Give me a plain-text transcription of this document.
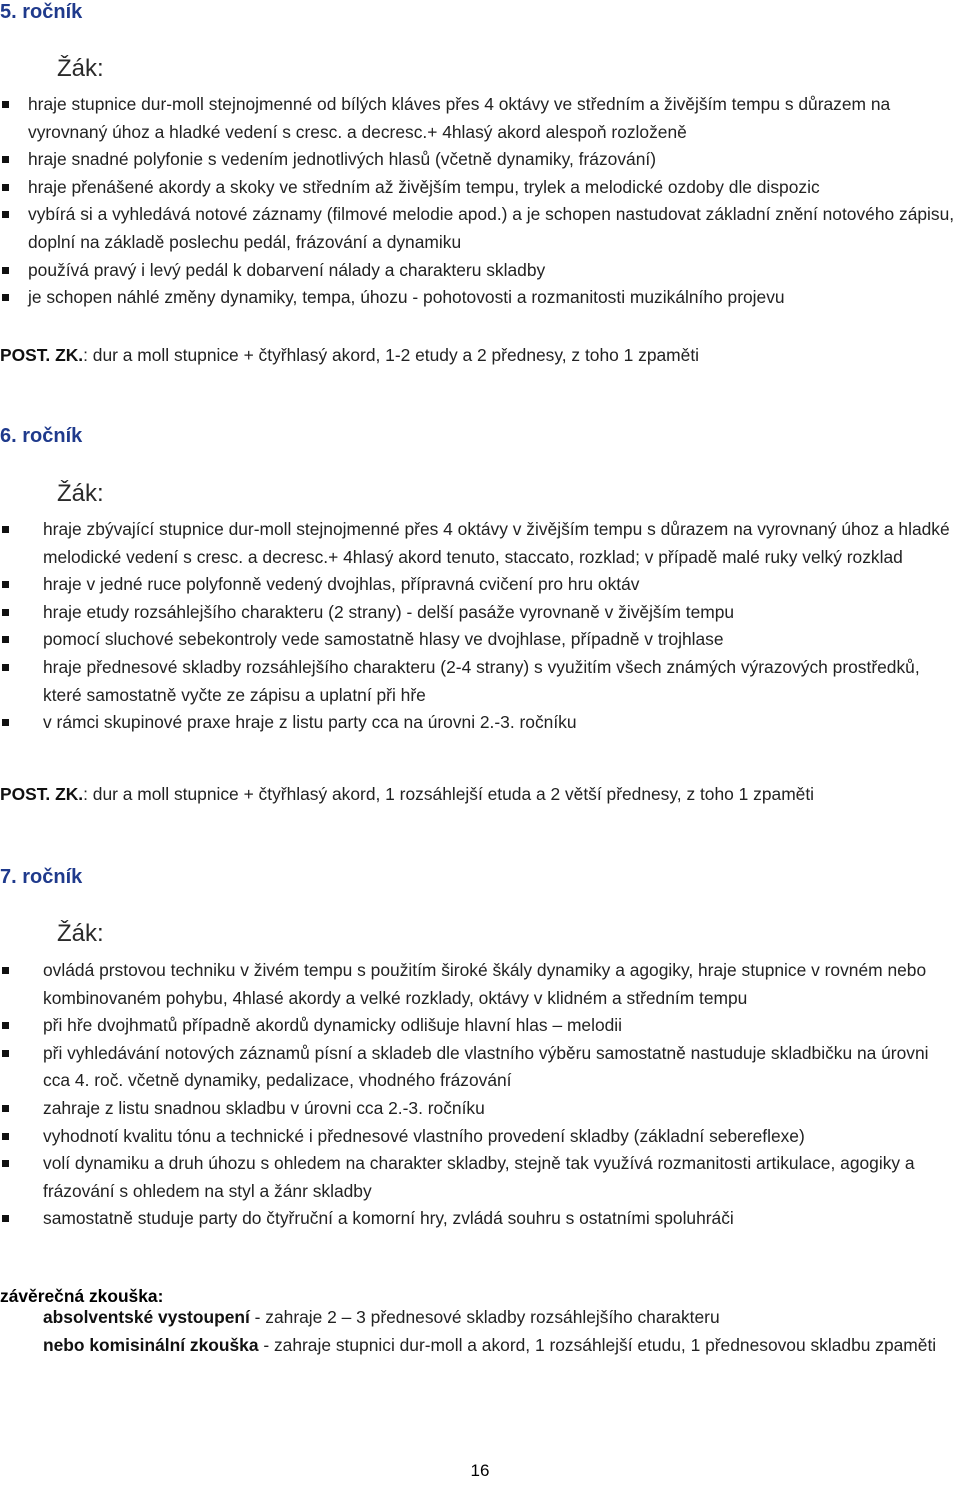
5. ročník
Žák:
hraje stupnice dur-moll stejnojmenné od bílých kláves přes 4 oktávy ve středním a živějším tempu s důrazem na vyrovnaný úhoz a hladké vedení s cresc. a decresc.+ 4hlasý akord alespoň rozloženě
hraje snadné polyfonie s vedením jednotlivých hlasů (včetně dynamiky, frázování)
hraje přenášené akordy a skoky ve středním až živějším tempu, trylek a melodické ozdoby dle dispozic
vybírá si a vyhledává notové záznamy (filmové melodie apod.) a je schopen nastudovat základní znění notového zápisu, doplní na základě poslechu pedál, frázování a dynamiku
používá pravý i levý pedál k dobarvení nálady a charakteru skladby
je schopen náhlé změny dynamiky, tempa, úhozu - pohotovosti a rozmanitosti muzikálního projevu
POST. ZK.: dur a moll stupnice + čtyřhlasý akord, 1-2 etudy a 2 přednesy, z toho 1 zpaměti
6. ročník
Žák:
hraje zbývající stupnice dur-moll stejnojmenné přes 4 oktávy v živějším tempu s důrazem na vyrovnaný úhoz a hladké melodické vedení s cresc. a decresc.+ 4hlasý akord tenuto, staccato, rozklad; v případě malé ruky velký rozklad
hraje v jedné ruce polyfonně vedený dvojhlas, přípravná cvičení pro hru oktáv
hraje etudy rozsáhlejšího charakteru (2 strany) - delší pasáže vyrovnaně v živějším tempu
pomocí sluchové sebekontroly vede samostatně hlasy ve dvojhlase, případně v trojhlase
hraje přednesové skladby rozsáhlejšího charakteru (2-4 strany) s využitím všech známých výrazových prostředků, které samostatně vyčte ze zápisu a uplatní při hře
v rámci skupinové praxe hraje z listu party cca na úrovni 2.-3. ročníku
POST. ZK.: dur a moll stupnice + čtyřhlasý akord, 1 rozsáhlejší etuda a 2 větší přednesy, z toho 1 zpaměti
7. ročník
Žák:
ovládá prstovou techniku v živém tempu s použitím široké škály dynamiky a agogiky, hraje stupnice v rovném nebo kombinovaném pohybu, 4hlasé akordy a velké rozklady, oktávy v klidném a středním tempu
při hře dvojhmatů případně akordů dynamicky odlišuje hlavní hlas – melodii
při vyhledávání notových záznamů písní a skladeb dle vlastního výběru samostatně nastuduje skladbičku na úrovni cca 4. roč. včetně dynamiky, pedalizace, vhodného frázování
zahraje z listu snadnou skladbu v úrovni cca 2.-3. ročníku
vyhodnotí kvalitu tónu a technické i přednesové vlastního provedení skladby (základní sebereflexe)
volí dynamiku a druh úhozu s ohledem na charakter skladby, stejně tak využívá rozmanitosti artikulace, agogiky a frázování s ohledem na styl a žánr skladby
samostatně studuje party do čtyřruční a komorní hry, zvládá souhru s ostatními spoluhráči
závěrečná zkouška:
absolventské vystoupení - zahraje 2 – 3 přednesové skladby rozsáhlejšího charakteru
nebo komisinální zkouška - zahraje stupnici dur-moll a akord, 1 rozsáhlejší etudu, 1 přednesovou skladbu zpaměti
16
